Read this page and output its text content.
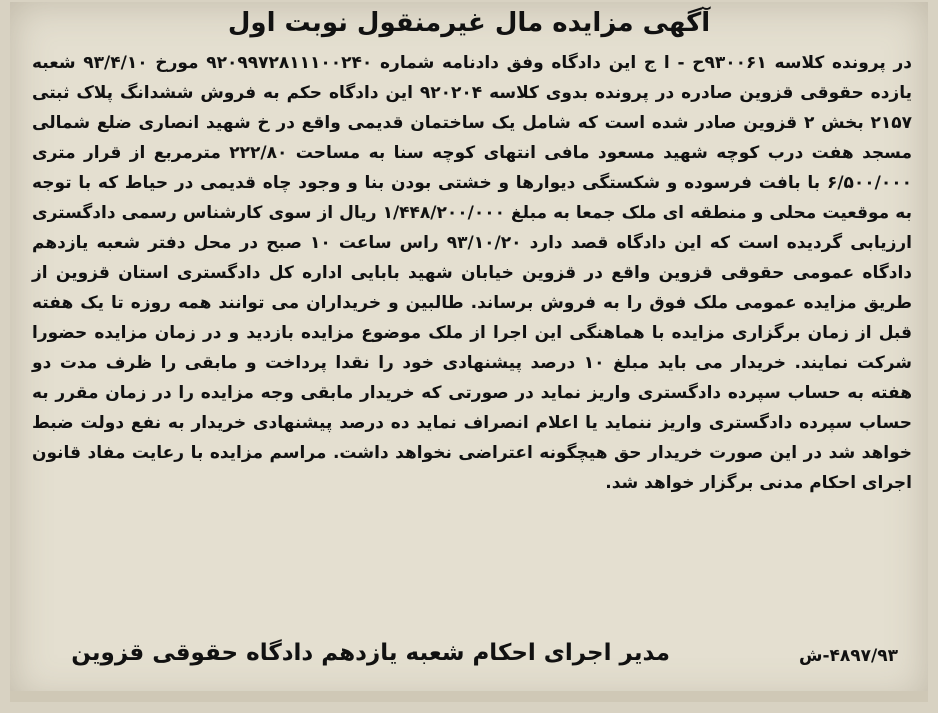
آگهی مزایده مال غیرمنقول نوبت اول

در پرونده کلاسه ۹۳۰۰۶۱ح - ا ج این دادگاه وفق دادنامه شماره ۹۲۰۹۹۷۲۸۱۱۱۰۰۲۴۰ مورخ ۹۳/۴/۱۰ شعبه یازده حقوقی قزوین صادره در پرونده بدوی کلاسه ۹۲۰۲۰۴ این دادگاه حکم به فروش ششدانگ پلاک ثبتی ۲۱۵۷ بخش ۲ قزوین صادر شده است که شامل یک ساختمان قدیمی واقع در خ شهید انصاری ضلع شمالی مسجد هفت درب کوچه شهید مسعود مافی انتهای کوچه سنا به مساحت ۲۲۲/۸۰ مترمربع از قرار متری ۶/۵۰۰/۰۰۰ با بافت فرسوده و شکستگی دیوارها و خشتی بودن بنا و وجود چاه قدیمی در حیاط که با توجه به موقعیت محلی و منطقه ای ملک جمعا به مبلغ ۱/۴۴۸/۲۰۰/۰۰۰ ریال از سوی کارشناس رسمی دادگستری ارزیابی گردیده است که این دادگاه قصد دارد ۹۳/۱۰/۲۰ راس ساعت ۱۰ صبح در محل دفتر شعبه یازدهم دادگاه عمومی حقوقی قزوین واقع در قزوین خیابان شهید بابایی اداره کل دادگستری استان قزوین از طریق مزایده عمومی ملک فوق را به فروش برساند. طالبین و خریداران می توانند همه روزه تا یک هفته قبل از زمان برگزاری مزایده با هماهنگی این اجرا از ملک موضوع مزایده بازدید و در زمان مزایده حضورا شرکت نمایند. خریدار می باید مبلغ ۱۰ درصد پیشنهادی خود را نقدا پرداخت و مابقی را ظرف مدت دو هفته به حساب سپرده دادگستری واریز نماید در صورتی که خریدار مابقی وجه مزایده را در زمان مقرر به حساب سپرده دادگستری واریز ننماید یا اعلام انصراف نماید ده درصد پیشنهادی خریدار به نفع دولت ضبط خواهد شد در این صورت خریدار حق هیچگونه اعتراضی نخواهد داشت. مراسم مزایده با رعایت مفاد قانون اجرای احکام مدنی برگزار خواهد شد.

۴۸۹۷/۹۳-ش
مدیر اجرای احکام شعبه یازدهم دادگاه حقوقی قزوین
